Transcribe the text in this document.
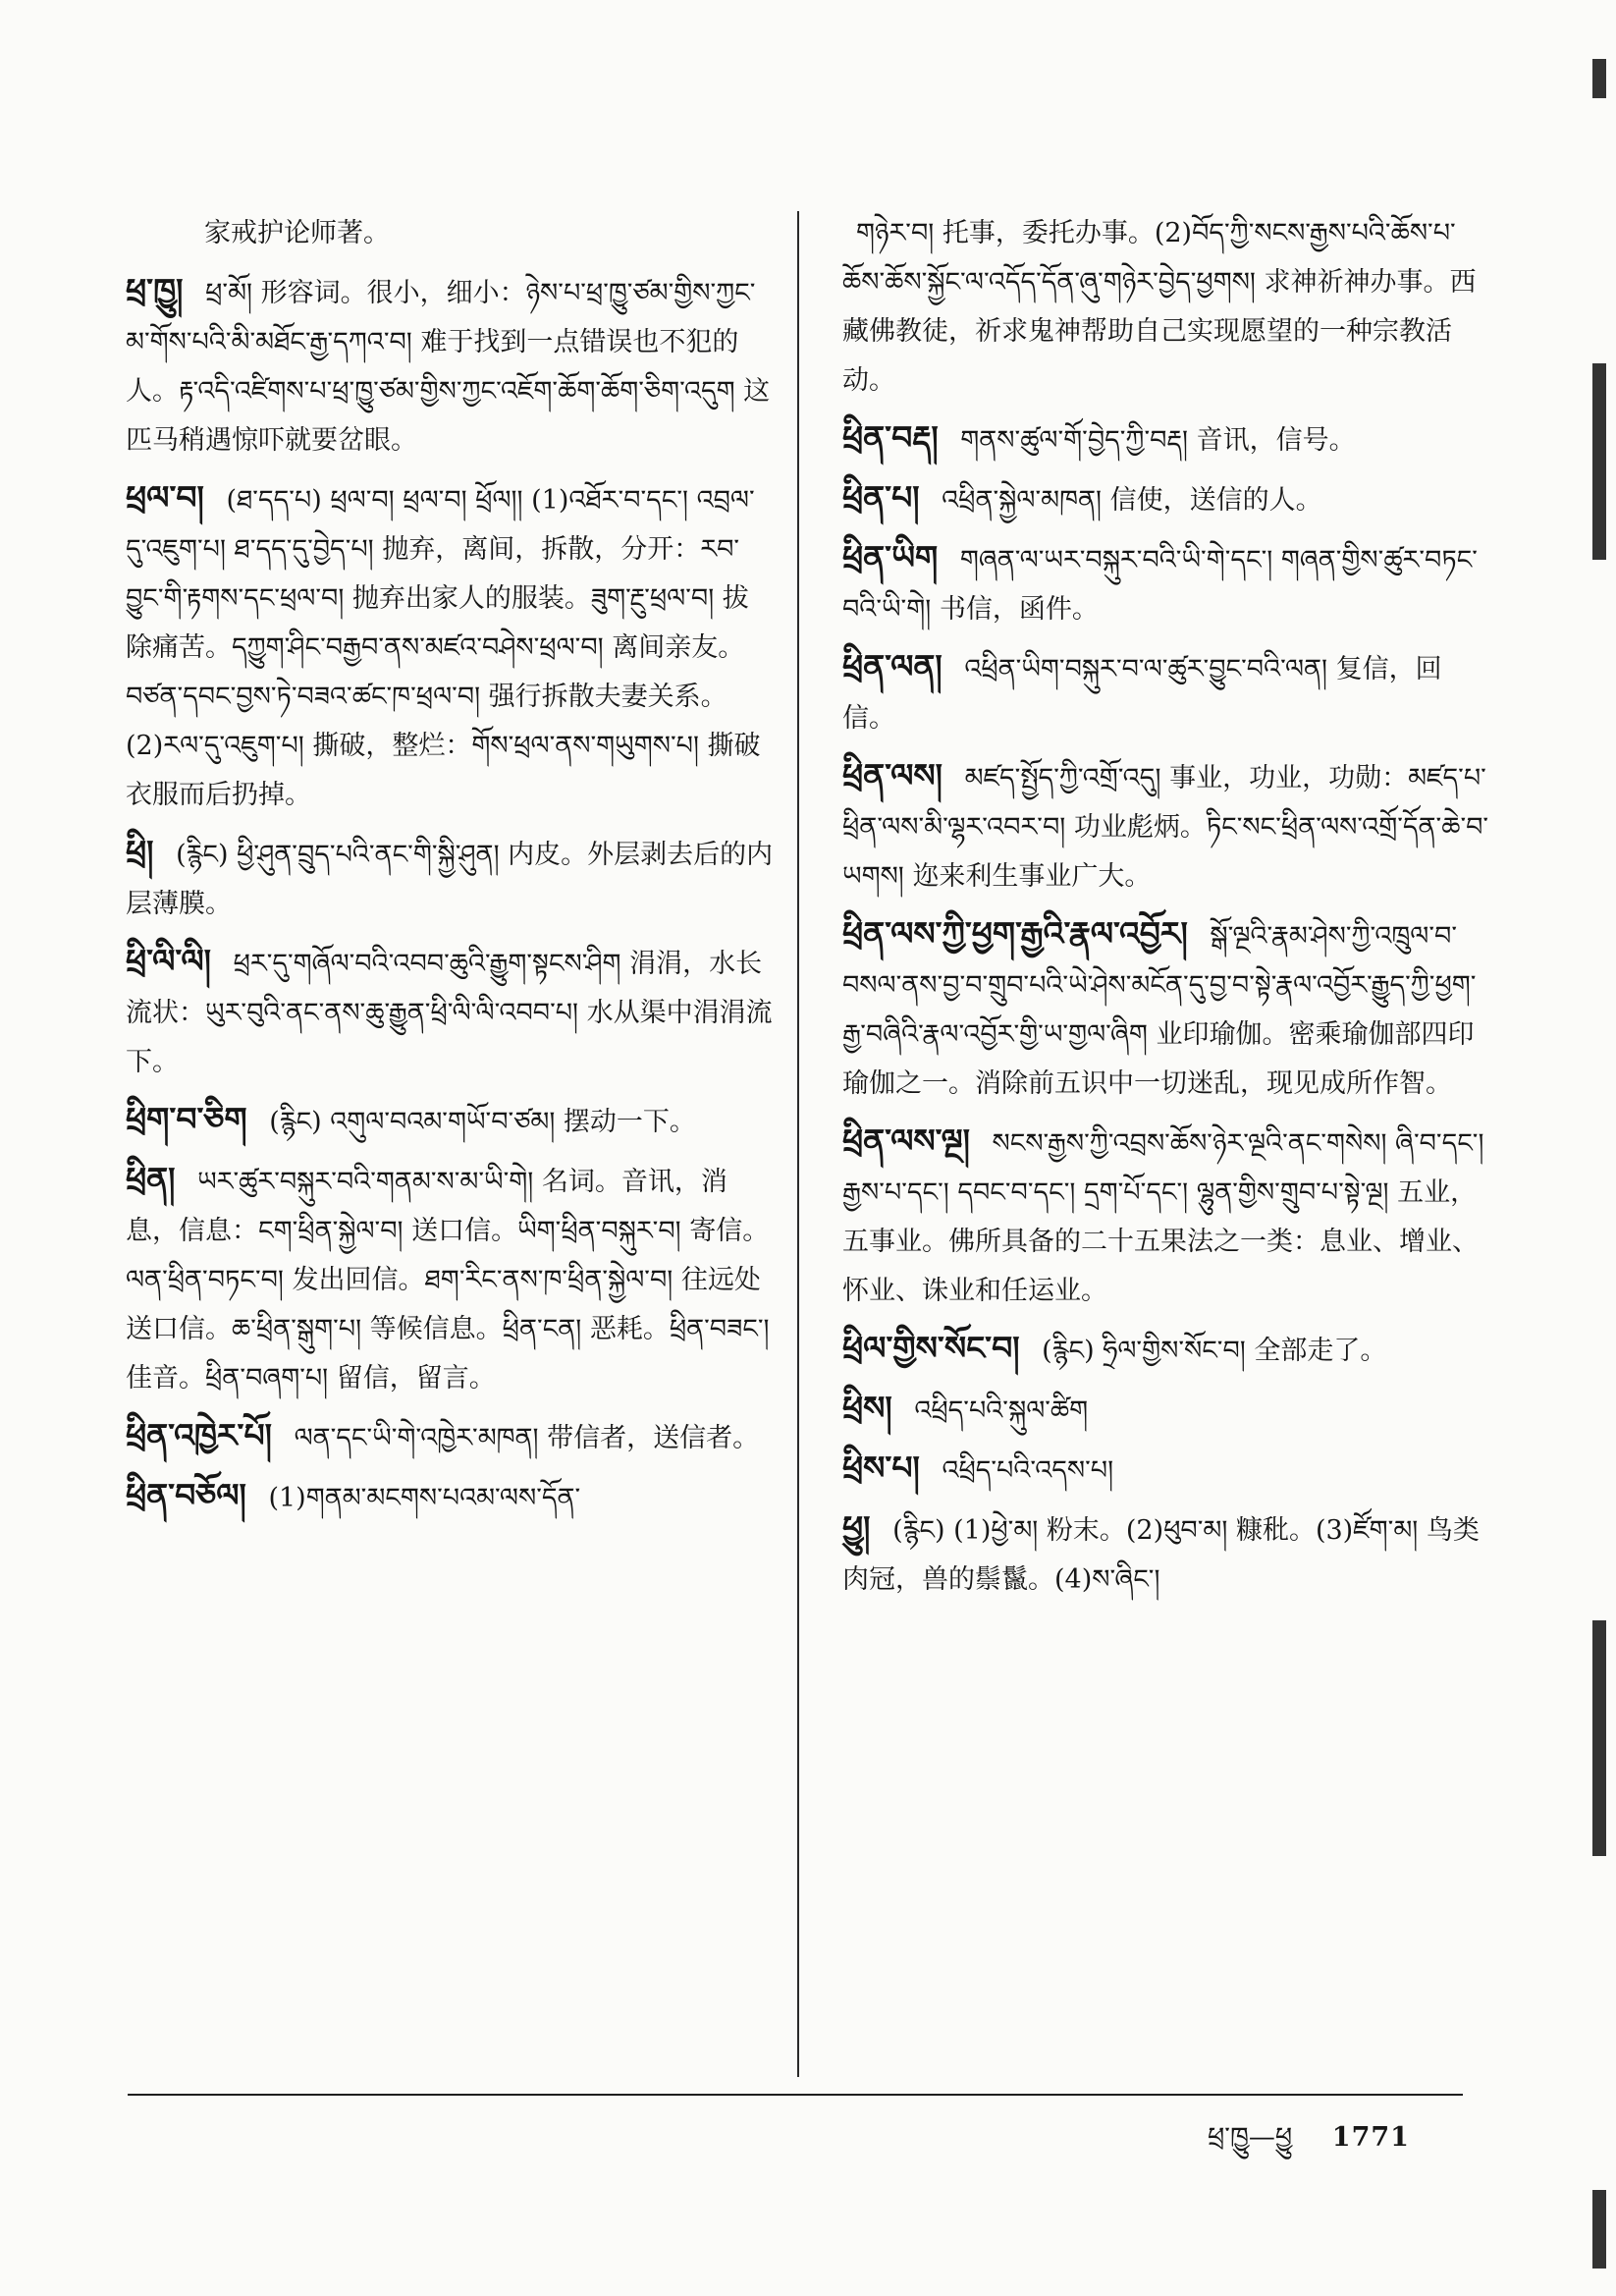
家戒护论师著。
ཕྲ་ཁྱུ། ཕྲ་མོ། 形容词。很小，细小：ཉེས་པ་ཕྲ་ཁྱུ་ཙམ་གྱིས་ཀྱང་མ་གོས་པའི་མི་མཐོང་རྒྱ་དཀའ་བ། 难于找到一点错误也不犯的人。རྟ་འདི་འཛིགས་པ་ཕྲ་ཁྱུ་ཙམ་གྱིས་ཀྱང་འཇོག་ཆོག་ཆོག་ཅིག་འདུག 这匹马稍遇惊吓就要岔眼。
ཕྲལ་བ། (ཐ་དད་པ) ཕྲལ་བ། ཕྲལ་བ། ཕྲོལ།། (1)འཐོར་བ་དང་། འབྲལ་དུ་འཇུག་པ། ཐ་དད་དུ་བྱེད་པ། 抛弃，离间，拆散，分开：རབ་བྱུང་གི་རྟགས་དང་ཕྲལ་བ། 抛弃出家人的服装。ཟུག་རྔུ་ཕྲལ་བ། 拔除痛苦。དཀྱུག་ཤིང་བརྒྱབ་ནས་མཛའ་བཤེས་ཕྲལ་བ། 离间亲友。བཙན་དབང་བྱས་ཏེ་བཟའ་ཚང་ཁ་ཕྲལ་བ། 强行拆散夫妻关系。(2)རལ་དུ་འཇུག་པ། 撕破，整烂：གོས་ཕྲལ་ནས་གཡུགས་པ། 撕破衣服而后扔掉。
ཕྲི། (རྙིང) ཕྱི་ཤུན་བྲུད་པའི་ནང་གི་སྐྱི་ཤུན། 内皮。外层剥去后的内层薄膜。
ཕྲི་ལི་ལི། ཕྲར་དུ་གཞོལ་བའི་འབབ་ཆུའི་རྒྱུག་སྟངས་ཤིག 涓涓，水长流状：ཡུར་བུའི་ནང་ནས་ཆུ་རྒྱུན་ཕྲི་ལི་ལི་འབབ་པ། 水从渠中涓涓流下。
ཕྲིག་བ་ཅིག (རྙིང) འགུལ་བའམ་གཡོ་བ་ཙམ། 摆动一下。
ཕྲིན། ཡར་ཚུར་བསྐུར་བའི་གནམ་ས་མ་ཡི་གེ། 名词。音讯，消息，信息：ངག་ཕྲིན་སྐྱེལ་བ། 送口信。ཡིག་ཕྲིན་བསྐུར་བ། 寄信。ལན་ཕྲིན་བཏང་བ། 发出回信。ཐག་རིང་ནས་ཁ་ཕྲིན་སྐྱེལ་བ། 往远处送口信。ཆ་ཕྲིན་སྒུག་པ། 等候信息。ཕྲིན་ངན། 恶耗。ཕྲིན་བཟང་། 佳音。ཕྲིན་བཞག་པ། 留信，留言。
ཕྲིན་འཁྱེར་པོ། ལན་དང་ཡི་གེ་འཁྱེར་མཁན། 带信者，送信者。
ཕྲིན་བཅོལ། (1)གནམ་མངགས་པའམ་ལས་དོན་
གཉེར་བ། 托事，委托办事。(2)བོད་ཀྱི་སངས་རྒྱས་པའི་ཆོས་པ་ཆོས་ཆོས་སྐྱོང་ལ་འདོད་དོན་ཞུ་གཉེར་བྱེད་ཕྱགས། 求神祈神办事。西藏佛教徒，祈求鬼神帮助自己实现愿望的一种宗教活动。
ཕྲིན་བརྡ། གནས་ཚུལ་གོ་བྱེད་ཀྱི་བརྡ། 音讯，信号。
ཕྲིན་པ། འཕྲིན་སྐྱེལ་མཁན། 信使，送信的人。
ཕྲིན་ཡིག གཞན་ལ་ཡར་བསྐུར་བའི་ཡི་གེ་དང་། གཞན་གྱིས་ཚུར་བཏང་བའི་ཡི་གེ། 书信，函件。
ཕྲིན་ལན། འཕྲིན་ཡིག་བསྐུར་བ་ལ་ཚུར་བྱུང་བའི་ལན། 复信，回信。
ཕྲིན་ལས། མཛད་སྤྱོད་ཀྱི་འགྲོ་འདུ། 事业，功业，功勋：མཛད་པ་ཕྲིན་ལས་མི་ལྷར་འབར་བ། 功业彪炳。ཏིང་སང་ཕྲིན་ལས་འགྲོ་དོན་ཆེ་བ་ཡགས། 迩来利生事业广大。
ཕྲིན་ལས་ཀྱི་ཕྱག་རྒྱའི་རྣལ་འབྱོར། སྒོ་ལྔའི་རྣམ་ཤེས་ཀྱི་འཁྲུལ་བ་བསལ་ནས་བྱ་བ་གྲུབ་པའི་ཡེ་ཤེས་མངོན་དུ་བྱ་བ་སྟེ་རྣལ་འབྱོར་རྒྱུད་ཀྱི་ཕྱག་རྒྱ་བཞིའི་རྣལ་འབྱོར་གྱི་ཡ་གྱལ་ཞིག 业印瑜伽。密乘瑜伽部四印瑜伽之一。消除前五识中一切迷乱，现见成所作智。
ཕྲིན་ལས་ལྔ། སངས་རྒྱས་ཀྱི་འབྲས་ཆོས་ཉེར་ལྔའི་ནང་གསེས། ཞི་བ་དང་། རྒྱས་པ་དང་། དབང་བ་དང་། དྲག་པོ་དང་། ལྷུན་གྱིས་གྲུབ་པ་སྟེ་ལྔ། 五业，五事业。佛所具备的二十五果法之一类：息业、增业、怀业、诛业和任运业。
ཕྲིལ་གྱིས་སོང་བ། (རྙིང) ཧྲིལ་གྱིས་སོང་བ། 全部走了。
ཕྲིས། འཕྲིད་པའི་སྐུལ་ཚིག
ཕྲིས་པ། འཕྲིད་པའི་འདས་པ།
ཕྱུ། (རྙིང) (1)ཕྱེ་མ། 粉末。(2)ཕུབ་མ། 糠秕。(3)ཛོག་མ། 鸟类肉冠，兽的鬃鬣。(4)ས་ཞིང་།
ཕྲ་ཁྱུ—ཕྱུ 1771
